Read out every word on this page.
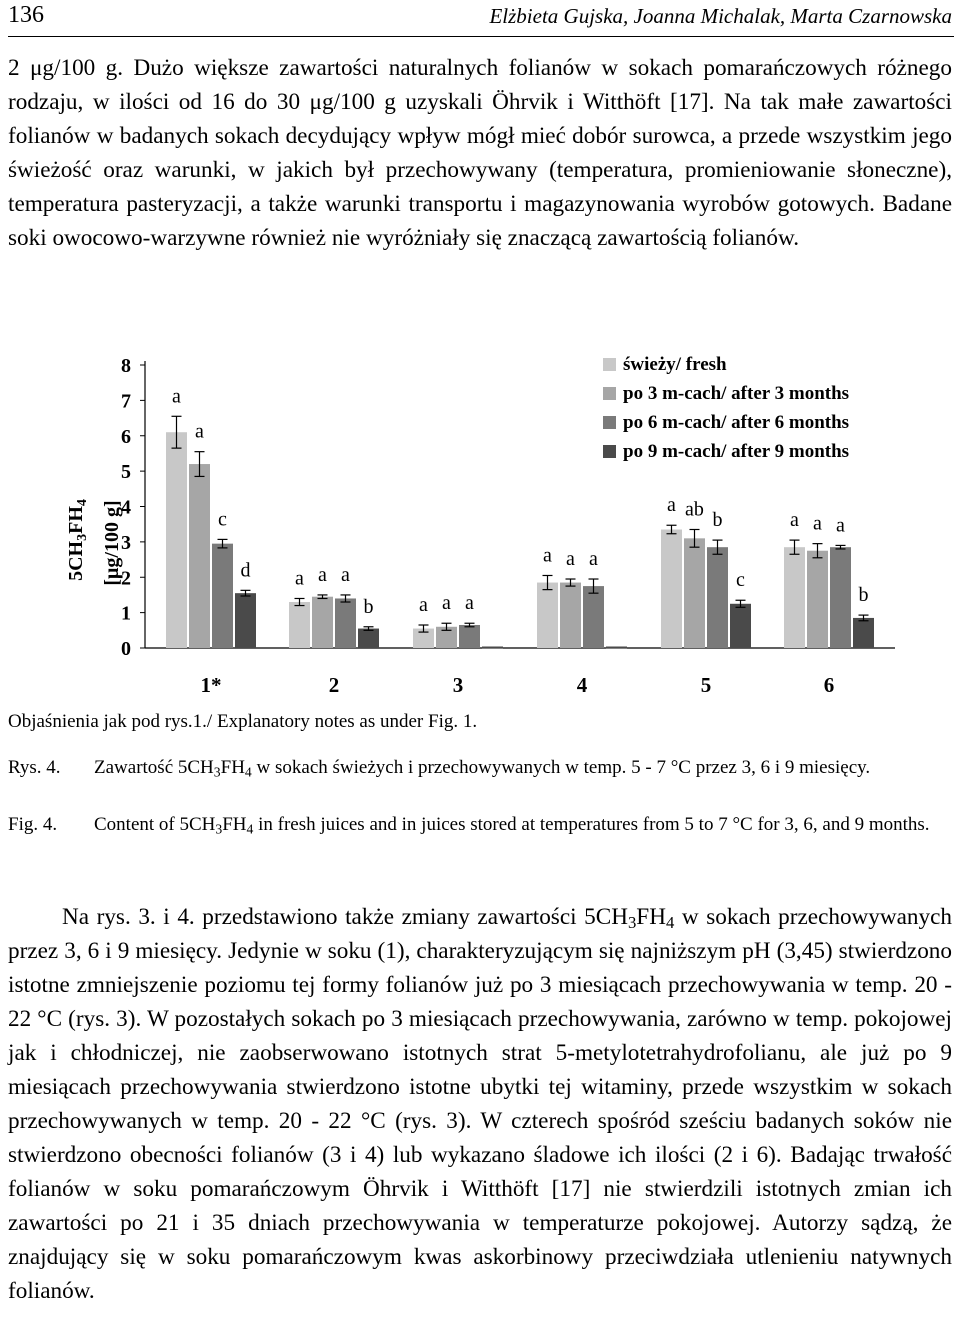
136	Elżbieta Gujska, Joanna Michalak, Marta Czarnowska

2 μg/100 g. Dużo większe zawartości naturalnych folianów w sokach pomarańczowych różnego rodzaju, w ilości od 16 do 30 μg/100 g uzyskali Öhrvik i Witthöft [17]. Na tak małe zawartości folianów w badanych sokach decydujący wpływ mógł mieć dobór surowca, a przede wszystkim jego świeżość oraz warunki, w jakich był przechowywany (temperatura, promieniowanie słoneczne), temperatura pasteryzacji, a także warunki transportu i magazynowania wyrobów gotowych. Badane soki owocowo-warzywne również nie wyróżniały się znaczącą zawartością folianów.

0
1
2
3
4
5
6
7
8
a
a
c
d a a a
b a a a
a a a
a ab b
c
a a a
b
1*	2	3	4	5	6
świeży/ fresh
po 3 m-cach/ after 3 months
po 6 m-cach/ after 6 months
po 9 m-cach/ after 9 months
$5CH_3FH_4$ [μg/100 g]
Objaśnienia jak pod rys.1./ Explanatory notes as under Fig. 1.
Rys. 4. Zawartość $5CH_3FH_4$ w sokach świeżych i przechowywanych w temp. 5 - 7 °C przez 3, 6 i 9 miesięcy.
Fig. 4. Content of $5CH_3FH_4$ in fresh juices and in juices stored at temperatures from 5 to 7 °C for 3, 6, and 9 months.

Na rys. 3. i 4. przedstawiono także zmiany zawartości $5CH_3FH_4$ w sokach przechowywanych przez 3, 6 i 9 miesięcy. Jedynie w soku (1), charakteryzującym się najniższym pH (3,45) stwierdzono istotne zmniejszenie poziomu tej formy folianów już po 3 miesiącach przechowywania w temp. 20 - 22 °C (rys. 3). W pozostałych sokach po 3 miesiącach przechowywania, zarówno w temp. pokojowej jak i chłodniczej, nie zaobserwowano istotnych strat 5-metylotetrahydrofolianu, ale już po 9 miesiącach przechowywania stwierdzono istotne ubytki tej witaminy, przede wszystkim w sokach przechowywanych w temp. 20 - 22 °C (rys. 3). W czterech spośród sześciu badanych soków nie stwierdzono obecności folianów (3 i 4) lub wykazano śladowe ich ilości (2 i 6). Badając trwałość folianów w soku pomarańczowym Öhrvik i Witthöft [17] nie stwierdzili istotnych zmian ich zawartości po 21 i 35 dniach przechowywania w temperaturze pokojowej. Autorzy sądzą, że znajdujący się w soku pomarańczowym kwas askorbinowy przeciwdziała utlenieniu natywnych folianów.
